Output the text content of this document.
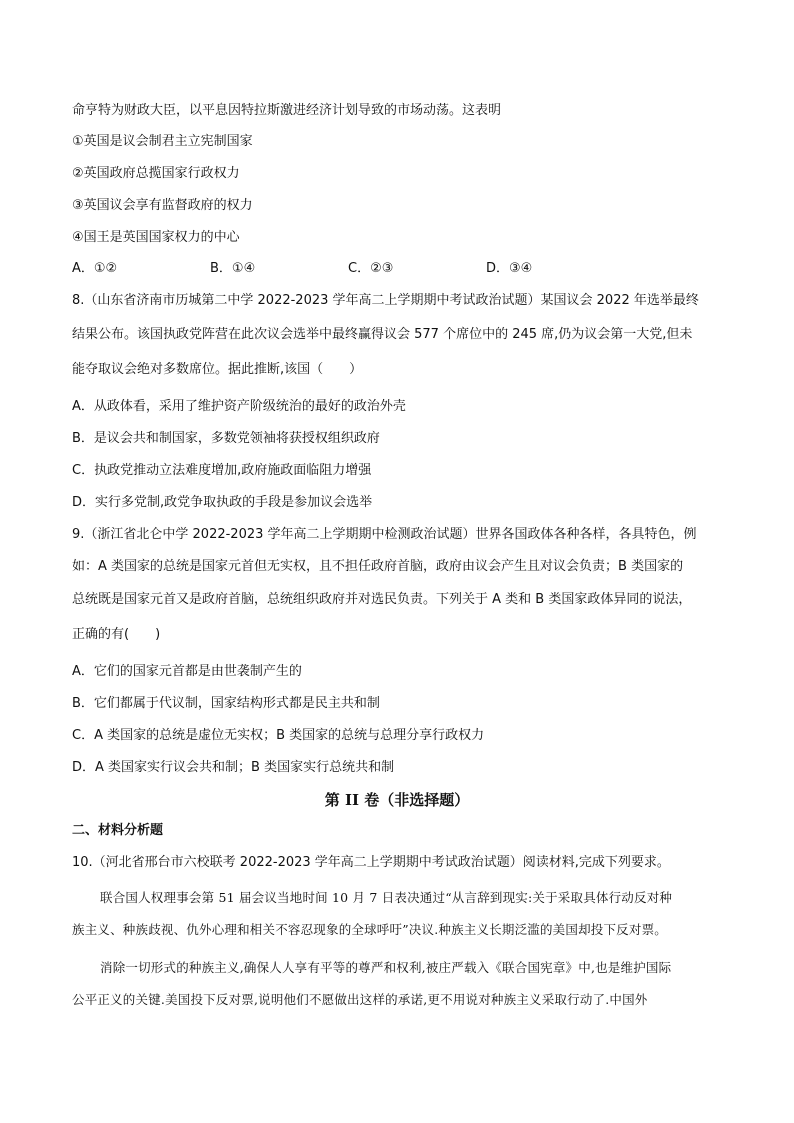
命亨特为财政大臣，以平息因特拉斯激进经济计划导致的市场动荡。这表明
①英国是议会制君主立宪制国家
②英国政府总揽国家行政权力
③英国议会享有监督政府的权力
④国王是英国国家权力的中心
A．①②	B．①④	C．②③	D．③④
8.（山东省济南市历城第二中学 2022-2023 学年高二上学期期中考试政治试题）某国议会 2022 年选举最终
结果公布。该国执政党阵营在此次议会选举中最终赢得议会 577 个席位中的 245 席,仍为议会第一大党,但未
能夺取议会绝对多数席位。据此推断,该国（　　）
A．从政体看，采用了维护资产阶级统治的最好的政治外壳
B．是议会共和制国家，多数党领袖将获授权组织政府
C．执政党推动立法难度增加,政府施政面临阻力增强
D．实行多党制,政党争取执政的手段是参加议会选举
9.（浙江省北仑中学 2022-2023 学年高二上学期期中检测政治试题）世界各国政体各种各样，各具特色，例
如：A 类国家的总统是国家元首但无实权，且不担任政府首脑，政府由议会产生且对议会负责；B 类国家的
总统既是国家元首又是政府首脑，总统组织政府并对选民负责。下列关于 A 类和 B 类国家政体异同的说法，
正确的有(　　)
A．它们的国家元首都是由世袭制产生的
B．它们都属于代议制，国家结构形式都是民主共和制
C．A 类国家的总统是虚位无实权；B 类国家的总统与总理分享行政权力
D．A 类国家实行议会共和制；B 类国家实行总统共和制
第 II 卷（非选择题）
二、材料分析题
10.（河北省邢台市六校联考 2022-2023 学年高二上学期期中考试政治试题）阅读材料,完成下列要求。
联合国人权理事会第 51 届会议当地时间 10 月 7 日表决通过“从言辞到现实:关于采取具体行动反对种
族主义、种族歧视、仇外心理和相关不容忍现象的全球呼吁”决议.种族主义长期泛滥的美国却投下反对票。
消除一切形式的种族主义,确保人人享有平等的尊严和权利,被庄严载入《联合国宪章》中,也是维护国际
公平正义的关键.美国投下反对票,说明他们不愿做出这样的承诺,更不用说对种族主义采取行动了.中国外
